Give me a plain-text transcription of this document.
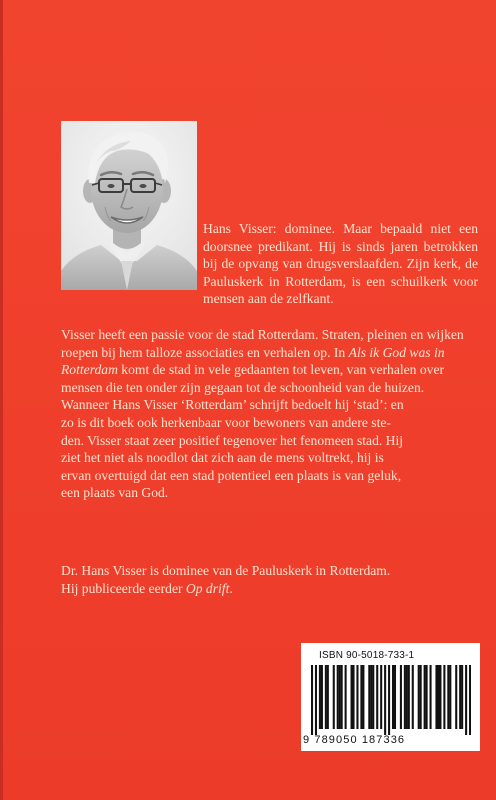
Hans Visser: dominee. Maar bepaald niet een doorsnee predikant. Hij is sinds jaren betrokken bij de opvang van drugsverslaafden. Zijn kerk, de Pauluskerk in Rotterdam, is een schuilkerk voor mensen aan de zelfkant.

Visser heeft een passie voor de stad Rotterdam. Straten, pleinen en wijken roepen bij hem talloze associaties en verhalen op. In Als ik God was in Rotterdam komt de stad in vele gedaanten tot leven, van verhalen over mensen die ten onder zijn gegaan tot de schoonheid van de huizen.

Wanneer Hans Visser ‘Rotterdam’ schrijft bedoelt hij ‘stad’: en
zo is dit boek ook herkenbaar voor bewoners van andere ste-
den. Visser staat zeer positief tegenover het fenomeen stad. Hij
ziet het niet als noodlot dat zich aan de mens voltrekt, hij is
ervan overtuigd dat een stad potentieel een plaats is van geluk,
een plaats van God.

Dr. Hans Visser is dominee van de Pauluskerk in Rotterdam.

Hij publiceerde eerder Op drift.

ISBN 90-5018-733-1
9 789050 187336
